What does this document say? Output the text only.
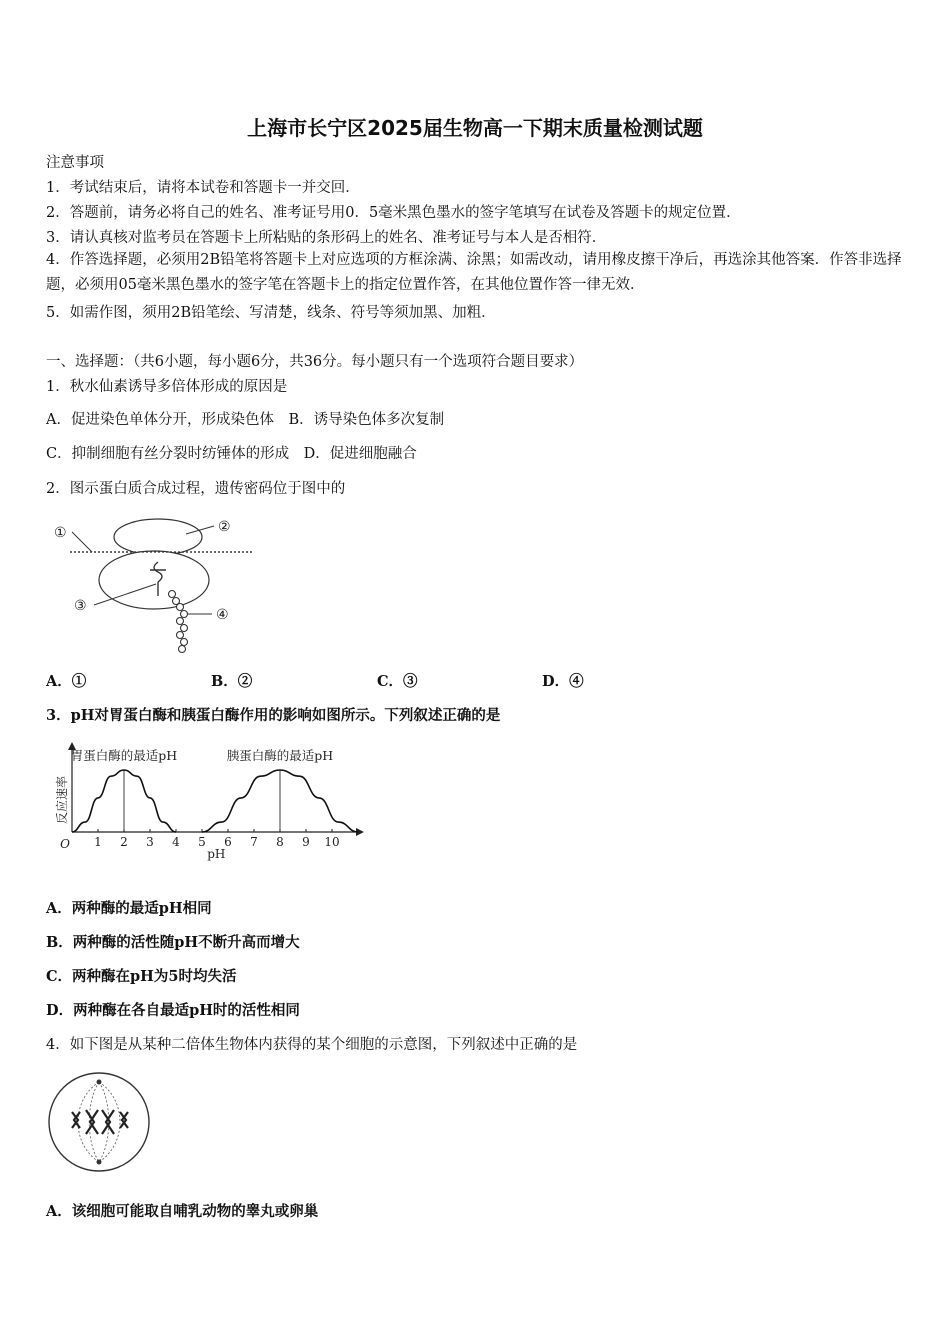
上海市长宁区2025届生物高一下期末质量检测试题
注意事项
1．考试结束后，请将本试卷和答题卡一并交回．
2．答题前，请务必将自己的姓名、准考证号用0．5毫米黑色墨水的签字笔填写在试卷及答题卡的规定位置．
3．请认真核对监考员在答题卡上所粘贴的条形码上的姓名、准考证号与本人是否相符．
4．作答选择题，必须用2B铅笔将答题卡上对应选项的方框涂满、涂黑；如需改动，请用橡皮擦干净后，再选涂其他答案．作答非选择题，必须用05毫米黑色墨水的签字笔在答题卡上的指定位置作答，在其他位置作答一律无效．
5．如需作图，须用2B铅笔绘、写清楚，线条、符号等须加黑、加粗．
一、选择题：（共6小题，每小题6分，共36分。每小题只有一个选项符合题目要求）
1．秋水仙素诱导多倍体形成的原因是
A．促进染色单体分开，形成染色体　B．诱导染色体多次复制
C．抑制细胞有丝分裂时纺锤体的形成　D．促进细胞融合
2．图示蛋白质合成过程，遗传密码位于图中的
①	②
③
④
A．①	B．②	C．③	D．④
3．pH对胃蛋白酶和胰蛋白酶作用的影响如图所示。下列叙述正确的是
反应速率
O
pH
1 2 3 4 5 6 7 8 9 10
胃蛋白酶的最适pH	胰蛋白酶的最适pH
A．两种酶的最适pH相同
B．两种酶的活性随pH不断升高而增大
C．两种酶在pH为5时均失活
D．两种酶在各自最适pH时的活性相同
4．如下图是从某种二倍体生物体内获得的某个细胞的示意图，下列叙述中正确的是
A．该细胞可能取自哺乳动物的睾丸或卵巢
